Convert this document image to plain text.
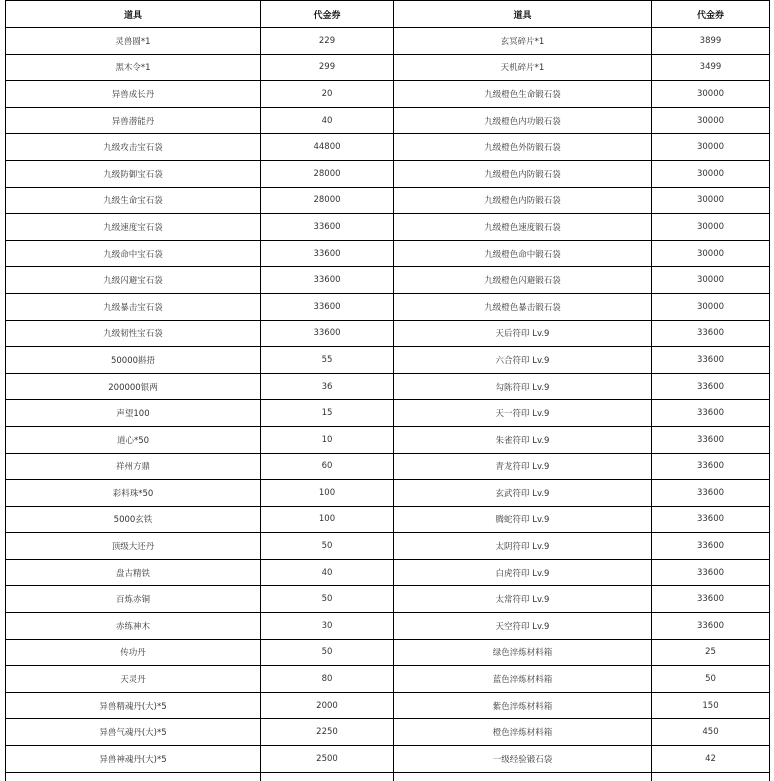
道具	代金券	道具	代金券
灵兽圆*1	229	玄冥碎片*1	3899
黑木令*1	299	天机碎片*1	3499
异兽成长丹	20	九级橙色生命锻石袋	30000
异兽潜能丹	40	九级橙色内功锻石袋	30000
九级攻击宝石袋	44800	九级橙色外防锻石袋	30000
九级防御宝石袋	28000	九级橙色内防锻石袋	30000
九级生命宝石袋	28000	九级橙色内防锻石袋	30000
九级速度宝石袋	33600	九级橙色速度锻石袋	30000
九级命中宝石袋	33600	九级橙色命中锻石袋	30000
九级闪避宝石袋	33600	九级橙色闪避锻石袋	30000
九级暴击宝石袋	33600	九级橙色暴击锻石袋	30000
九级韧性宝石袋	33600	天后符印 Lv.9	33600
50000斟捂	55	六合符印 Lv.9	33600
200000银两	36	勾陈符印 Lv.9	33600
声望100	15	天一符印 Lv.9	33600
道心*50	10	朱雀符印 Lv.9	33600
祥州方鼎	60	青龙符印 Lv.9	33600
彩料珠*50	100	玄武符印 Lv.9	33600
5000玄铁	100	腾蛇符印 Lv.9	33600
顶级大还丹	50	太阴符印 Lv.9	33600
盘古精铁	40	白虎符印 Lv.9	33600
百炼赤铜	50	太常符印 Lv.9	33600
赤练神木	30	天空符印 Lv.9	33600
传功丹	50	绿色淬炼材料箱	25
天灵丹	80	蓝色淬炼材料箱	50
异兽精魂丹(大)*5	2000	紫色淬炼材料箱	150
异兽气魂丹(大)*5	2250	橙色淬炼材料箱	450
异兽神魂丹(大)*5	2500	一级经验锻石袋	42
